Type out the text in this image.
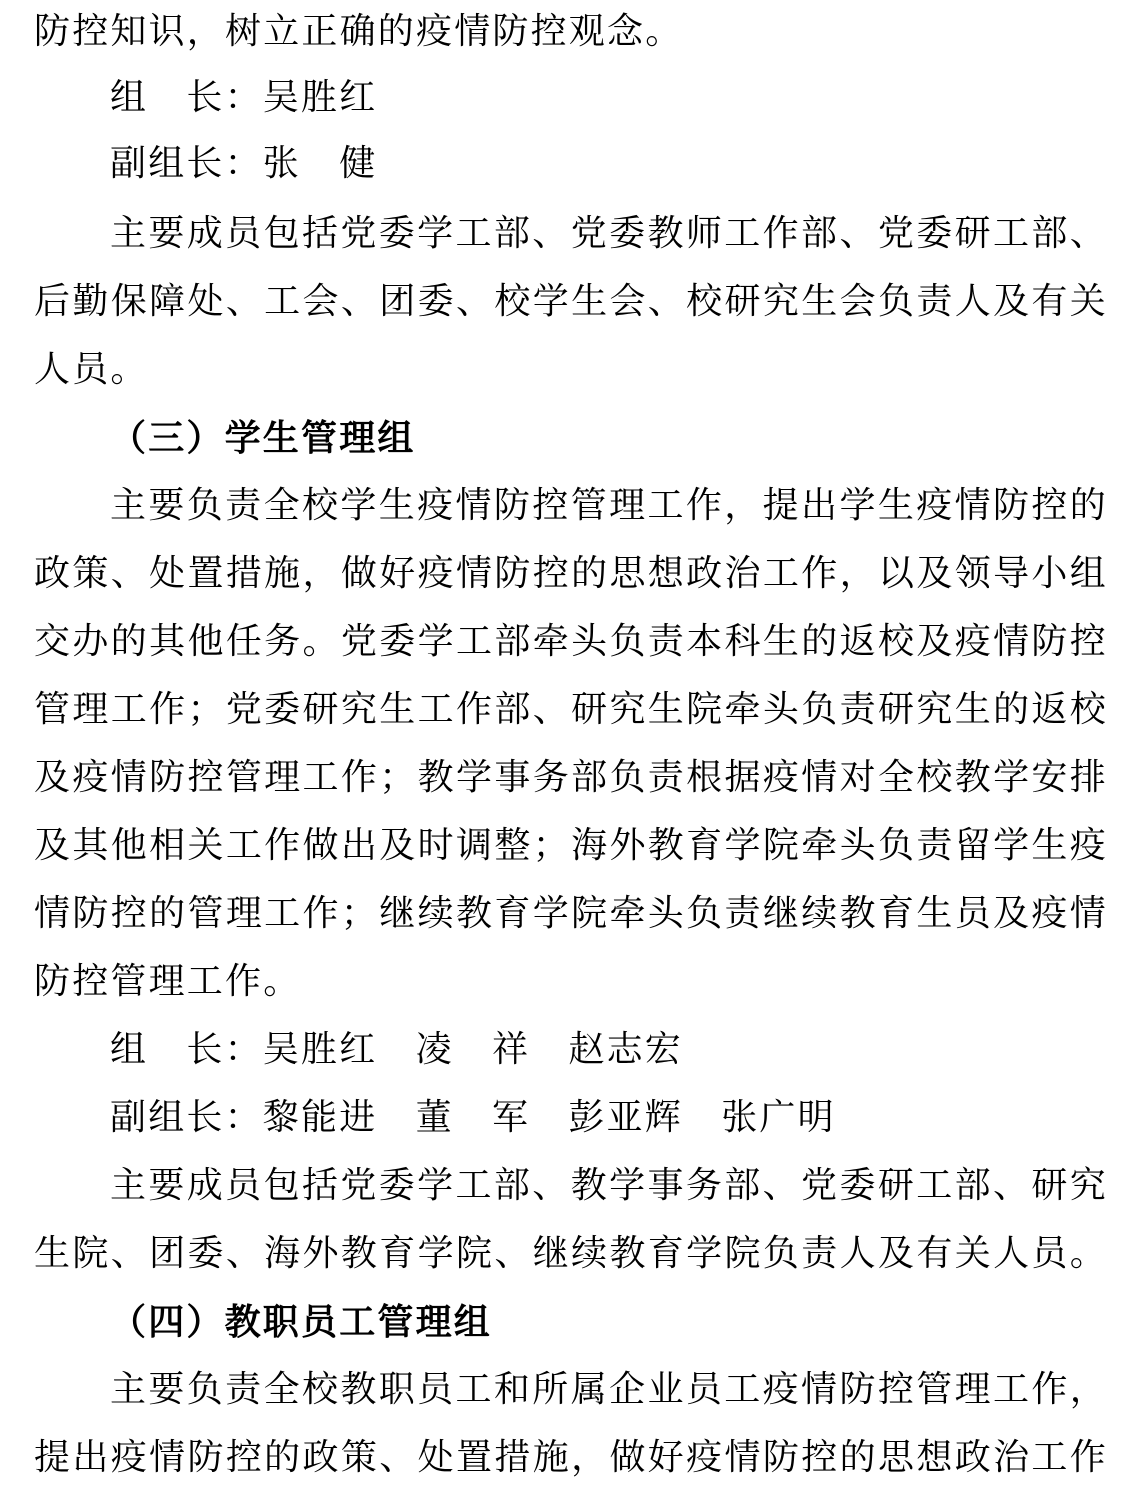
防控知识，树立正确的疫情防控观念。
组　长：吴胜红
副组长：张　健
主要成员包括党委学工部、党委教师工作部、党委研工部、
后勤保障处、工会、团委、校学生会、校研究生会负责人及有关
人员。
（三）学生管理组
主要负责全校学生疫情防控管理工作，提出学生疫情防控的
政策、处置措施，做好疫情防控的思想政治工作，以及领导小组
交办的其他任务。党委学工部牵头负责本科生的返校及疫情防控
管理工作；党委研究生工作部、研究生院牵头负责研究生的返校
及疫情防控管理工作；教学事务部负责根据疫情对全校教学安排
及其他相关工作做出及时调整；海外教育学院牵头负责留学生疫
情防控的管理工作；继续教育学院牵头负责继续教育生员及疫情
防控管理工作。
组　长：吴胜红　凌　祥　赵志宏
副组长：黎能进　董　军　彭亚辉　张广明
主要成员包括党委学工部、教学事务部、党委研工部、研究
生院、团委、海外教育学院、继续教育学院负责人及有关人员。
（四）教职员工管理组
主要负责全校教职员工和所属企业员工疫情防控管理工作，
提出疫情防控的政策、处置措施，做好疫情防控的思想政治工作
